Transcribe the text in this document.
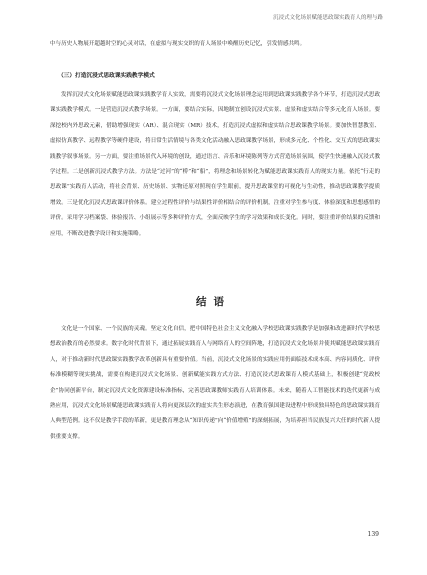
沉浸式文化场景赋能思政课实践育人的理与路
中与历史人物展开超越时空的心灵对话，在虚拟与现实交织的育人场景中唤醒历史记忆，引发情感共鸣。
（三）打造沉浸式思政课实践教学模式
发挥沉浸式文化场景赋能思政课实践教学育人实效，需要将沉浸式文化场景理念运用到思政课实践教学各个环节，打造沉浸式思政课实践教学模式。一是营造沉浸式教学场景。一方面，要结合实际，因地制宜创设沉浸式实景、虚景和虚实结合等多元化育人场景。要深挖校内外思政元素，借助增强现实（AR）、混合现实（MR）技术，打造沉浸式虚拟和虚实结合思政课教学场景。要加快智慧教室、虚拟仿真教学、远程教学等硬件建设，将日常生活情境与各类文化活动融入思政课教学场景，形成多元化、个性化、交互式的思政课实践教学叙事场景。另一方面，要注重场景代入环境的创设，通过语言、音乐和环境陈列等方式营造场景氛围，使学生快速融入沉浸式教学过程。二是创新沉浸式教学方法。方法是“过河”的“桥”和“船”，将理念和场景转化为赋能思政课实践育人的现实力量。依托“行走的思政课”实践育人活动，将社会背景、历史场景、实物还原对照现在学生眼前，提升思政课堂的可视化与生动性，推动思政课教学提质增效。三是优化沉浸式思政课评价体系。建立过程性评价与结果性评价相结合的评价机制，注重对学生参与度、体验深度和思想感悟的评价。采用学习档案袋、体验报告、小组展示等多种评价方式，全面反映学生的学习效果和成长变化。同时，要注重评价结果的反馈和应用，不断改进教学设计和实施策略。
结语
文化是一个国家、一个民族的灵魂。坚定文化自信，把中国特色社会主义文化融入学校思政课实践教学是加强和改进新时代学校思想政治教育的必然要求。数字化时代背景下，通过拓展实践育人与网络育人的空间阵地，打造沉浸式文化场景并使其赋能思政课实践育人，对于推动新时代思政课实践教学改革创新具有重要价值。当前，沉浸式文化场景的实践应用仍面临技术成本高、内容同质化、评价标准模糊等现实挑战，需要在构建沉浸式文化场景、创新赋能实践方式方法、打造沉浸式思政课育人模式基础上，积极创建“党政校企”协同创新平台，制定沉浸式文化资源建设标准指标，完善思政课教师实践育人培训体系。未来，随着人工智能技术的迭代更新与成熟应用，沉浸式文化场景赋能思政课实践育人将向更深层次的虚实共生形态演进，在教育强国建设进程中形成独具特色的思政课实践育人典型范例。这不仅是教学手段的革新，更是教育理念从“知识传递”向“价值增殖”的深刻拓展，为培养担当民族复兴大任的时代新人提供重要支撑。
139
